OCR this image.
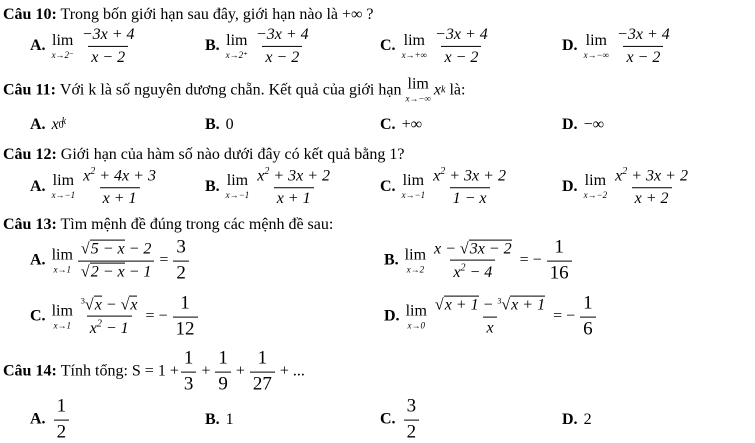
Câu 10: Trong bốn giới hạn sau đây, giới hạn nào là +∞ ?
A. lim
$x\to 2^- \frac{-3x + 4}{x - 2}$	B. lim
$x\to 2^+ \frac{-3x + 4}{x - 2}$	C. lim
$x\to+\infty \frac{-3x + 4}{x - 2}$	D. lim
$x\to-\infty \frac{-3x + 4}{x - 2}$
Câu 11:
Với k là số nguyên dương chẵn. Kết quả của giới hạn
lim
x→−∞
x k
là:
A. x 0
$^k$	B. 0	C. +∞	D. −∞
Câu 12: Giới hạn của hàm số nào dưới đây có kết quả bằng 1?
A. lim
$x\to-1 \frac{x^2 + 4x + 3}{x + 1}$	B. lim
$x\to-1 \frac{x^2 + 3x + 2}{x + 1}$	C. lim
$x\to-1 \frac{x^2 + 3x + 2}{1 - x}$	D. lim
$x\to-2 \frac{x^2 + 3x + 2}{x + 2}$
Câu 13: Tìm mệnh đề đúng trong các mệnh đề sau:
A. lim
$x\to 1 \frac{√5 - x - 2}{√2 - x - 1} = \frac{3}{2}$	B. lim
$x\to 2 \frac{x - √3x - 2}{x^2 - 4}$ = − $\frac{1}{16}$
C. lim
$x\to 1 \frac{^3√x - √x}{x^2 - 1}$ = − $\frac{1}{12}$	D. lim
$x\to 0 \frac{√x + 1 - ^3√x + 1}{x}$ = − $\frac{1}{6}$
Câu 14:
Tính tổng: $S = 1 + \frac{1}{3} + \frac{1}{9} + \frac{1}{27}$ + ...
A. $\frac{1}{2}$	B. 1	C. $\frac{3}{2}$	D. 2
